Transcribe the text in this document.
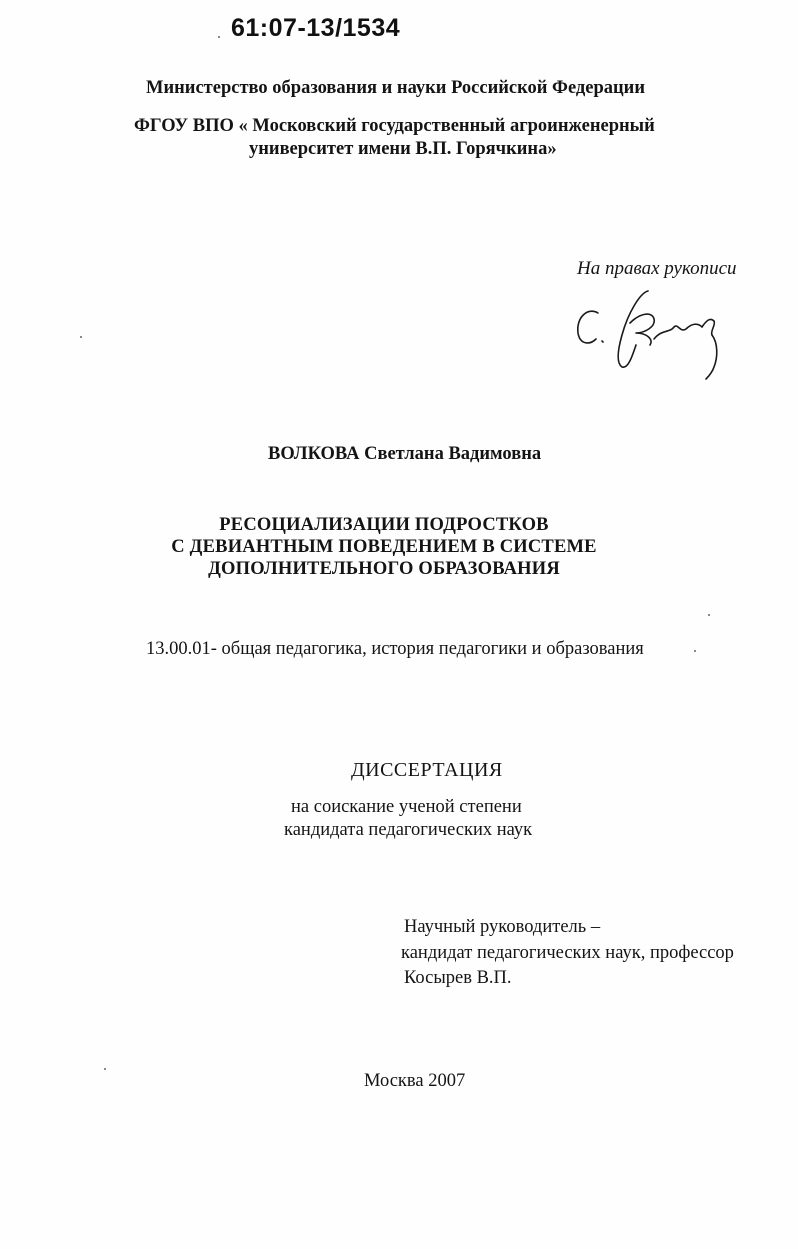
61:07-13/1534
Министерство образования и науки Российской Федерации
ФГОУ ВПО « Московский государственный агроинженерный
университет имени В.П. Горячкина»
На правах рукописи
ВОЛКОВА Светлана Вадимовна
РЕСОЦИАЛИЗАЦИИ ПОДРОСТКОВ
С ДЕВИАНТНЫМ ПОВЕДЕНИЕМ В СИСТЕМЕ
ДОПОЛНИТЕЛЬНОГО ОБРАЗОВАНИЯ
13.00.01- общая педагогика, история педагогики и образования
ДИССЕРТАЦИЯ
на соискание ученой степени
кандидата педагогических наук
Научный руководитель –
кандидат педагогических наук, профессор
Косырев В.П.
Москва 2007
